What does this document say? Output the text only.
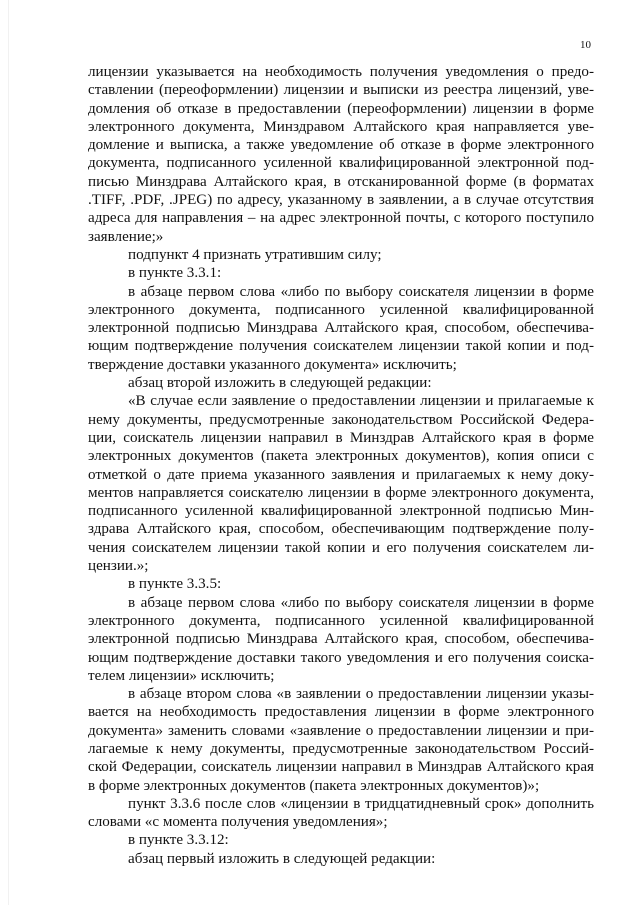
10

лицензии указывается на необходимость получения уведомления о предоставлении (переоформлении) лицензии и выписки из реестра лицензий, уведомления об отказе в предоставлении (переоформлении) лицензии в форме электронного документа, Минздравом Алтайского края направляется уведомление и выписка, а также уведомление об отказе в форме электронного документа, подписанного усиленной квалифицированной электронной подписью Минздрава Алтайского края, в отсканированной форме (в форматах .TIFF, .PDF, .JPEG) по адресу, указанному в заявлении, а в случае отсутствия адреса для направления – на адрес электронной почты, с которого поступило заявление;»

подпункт 4 признать утратившим силу;

в пункте 3.3.1:

в абзаце первом слова «либо по выбору соискателя лицензии в форме электронного документа, подписанного усиленной квалифицированной электронной подписью Минздрава Алтайского края, способом, обеспечивающим подтверждение получения соискателем лицензии такой копии и подтверждение доставки указанного документа» исключить;

абзац второй изложить в следующей редакции:

«В случае если заявление о предоставлении лицензии и прилагаемые к нему документы, предусмотренные законодательством Российской Федерации, соискатель лицензии направил в Минздрав Алтайского края в форме электронных документов (пакета электронных документов), копия описи с отметкой о дате приема указанного заявления и прилагаемых к нему документов направляется соискателю лицензии в форме электронного документа, подписанного усиленной квалифицированной электронной подписью Минздрава Алтайского края, способом, обеспечивающим подтверждение получения соискателем лицензии такой копии и его получения соискателем лицензии.»;

в пункте 3.3.5:

в абзаце первом слова «либо по выбору соискателя лицензии в форме электронного документа, подписанного усиленной квалифицированной электронной подписью Минздрава Алтайского края, способом, обеспечивающим подтверждение доставки такого уведомления и его получения соискателем лицензии» исключить;

в абзаце втором слова «в заявлении о предоставлении лицензии указывается на необходимость предоставления лицензии в форме электронного документа» заменить словами «заявление о предоставлении лицензии и прилагаемые к нему документы, предусмотренные законодательством Российской Федерации, соискатель лицензии направил в Минздрав Алтайского края в форме электронных документов (пакета электронных документов)»;

пункт 3.3.6 после слов «лицензии в тридцатидневный срок» дополнить словами «с момента получения уведомления»;

в пункте 3.3.12:

абзац первый изложить в следующей редакции:
